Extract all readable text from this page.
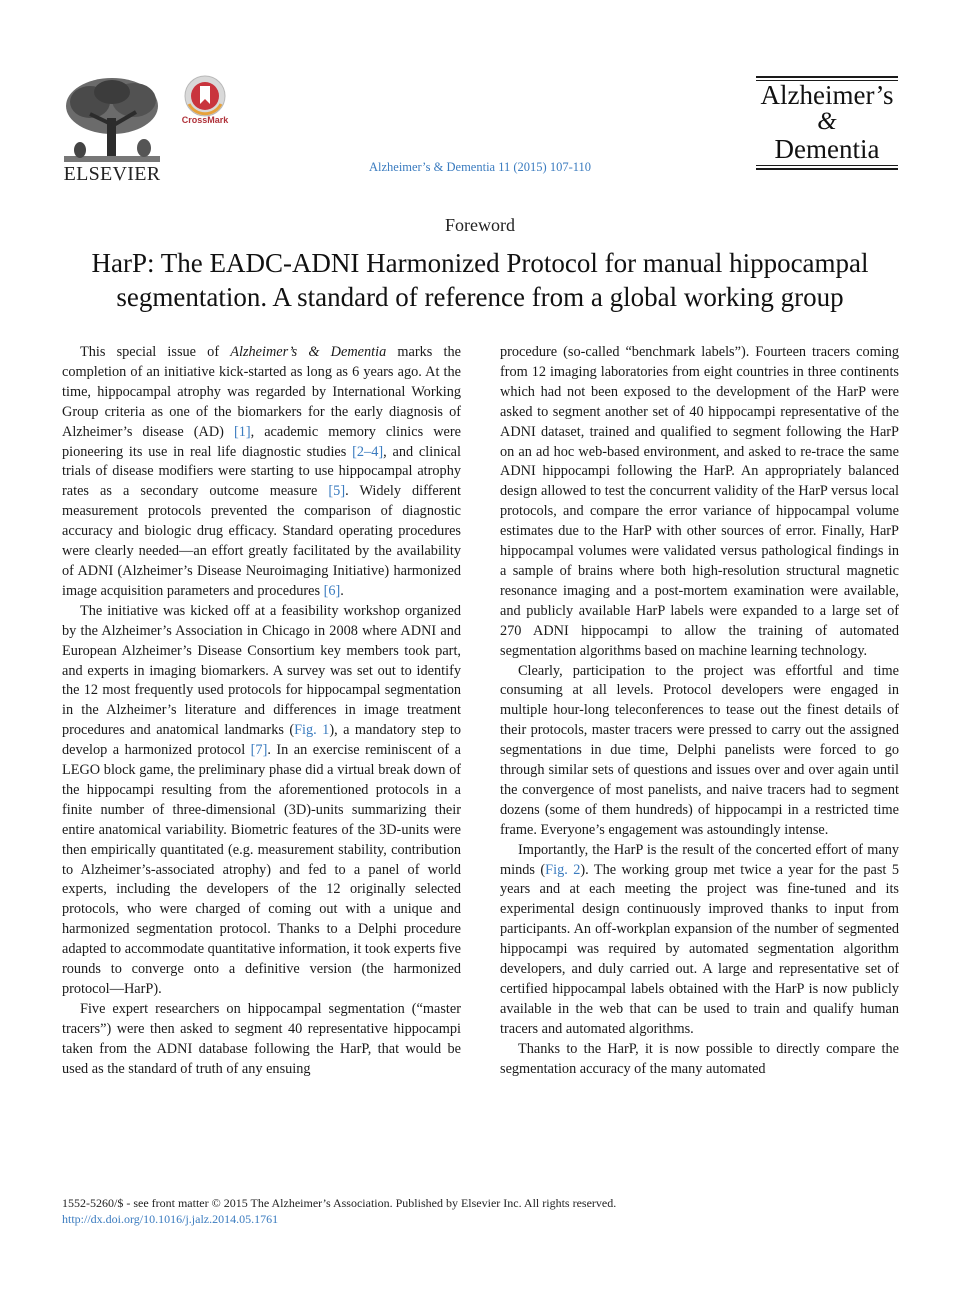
ELSEVIER
CrossMark
Alzheimer’s & Dementia 11 (2015) 107-110
Alzheimer’s
&
Dementia
Foreword
HarP: The EADC-ADNI Harmonized Protocol for manual hippocampal segmentation. A standard of reference from a global working group

This special issue of Alzheimer’s & Dementia marks the completion of an initiative kick-started as long as 6 years ago. At the time, hippocampal atrophy was regarded by International Working Group criteria as one of the biomarkers for the early diagnosis of Alzheimer’s disease (AD) [1], academic memory clinics were pioneering its use in real life diagnostic studies [2–4], and clinical trials of disease modifiers were starting to use hippocampal atrophy rates as a secondary outcome measure [5]. Widely different measurement protocols prevented the comparison of diagnostic accuracy and biologic drug efficacy. Standard operating procedures were clearly needed—an effort greatly facilitated by the availability of ADNI (Alzheimer’s Disease Neuroimaging Initiative) harmonized image acquisition parameters and procedures [6].

The initiative was kicked off at a feasibility workshop organized by the Alzheimer’s Association in Chicago in 2008 where ADNI and European Alzheimer’s Disease Consortium key members took part, and experts in imaging biomarkers. A survey was set out to identify the 12 most frequently used protocols for hippocampal segmentation in the Alzheimer’s literature and differences in image treatment procedures and anatomical landmarks (Fig. 1), a mandatory step to develop a harmonized protocol [7]. In an exercise reminiscent of a LEGO block game, the preliminary phase did a virtual break down of the hippocampi resulting from the aforementioned protocols in a finite number of three-dimensional (3D)-units summarizing their entire anatomical variability. Biometric features of the 3D-units were then empirically quantitated (e.g. measurement stability, contribution to Alzheimer’s-associated atrophy) and fed to a panel of world experts, including the developers of the 12 originally selected protocols, who were charged of coming out with a unique and harmonized segmentation protocol. Thanks to a Delphi procedure adapted to accommodate quantitative information, it took experts five rounds to converge onto a definitive version (the harmonized protocol—HarP).

Five expert researchers on hippocampal segmentation (“master tracers”) were then asked to segment 40 representative hippocampi taken from the ADNI database following the HarP, that would be used as the standard of truth of any ensuing

procedure (so-called “benchmark labels”). Fourteen tracers coming from 12 imaging laboratories from eight countries in three continents which had not been exposed to the development of the HarP were asked to segment another set of 40 hippocampi representative of the ADNI dataset, trained and qualified to segment following the HarP on an ad hoc web-based environment, and asked to re-trace the same ADNI hippocampi following the HarP. An appropriately balanced design allowed to test the concurrent validity of the HarP versus local protocols, and compare the error variance of hippocampal volume estimates due to the HarP with other sources of error. Finally, HarP hippocampal volumes were validated versus pathological findings in a sample of brains where both high-resolution structural magnetic resonance imaging and a post-mortem examination were available, and publicly available HarP labels were expanded to a large set of 270 ADNI hippocampi to allow the training of automated segmentation algorithms based on machine learning technology.

Clearly, participation to the project was effortful and time consuming at all levels. Protocol developers were engaged in multiple hour-long teleconferences to tease out the finest details of their protocols, master tracers were pressed to carry out the assigned segmentations in due time, Delphi panelists were forced to go through similar sets of questions and issues over and over again until the convergence of most panelists, and naive tracers had to segment dozens (some of them hundreds) of hippocampi in a restricted time frame. Everyone’s engagement was astoundingly intense.

Importantly, the HarP is the result of the concerted effort of many minds (Fig. 2). The working group met twice a year for the past 5 years and at each meeting the project was fine-tuned and its experimental design continuously improved thanks to input from participants. An off-workplan expansion of the number of segmented hippocampi was required by automated segmentation algorithm developers, and duly carried out. A large and representative set of certified hippocampal labels obtained with the HarP is now publicly available in the web that can be used to train and qualify human tracers and automated algorithms.

Thanks to the HarP, it is now possible to directly compare the segmentation accuracy of the many automated

1552-5260/$ - see front matter © 2015 The Alzheimer’s Association. Published by Elsevier Inc. All rights reserved.
http://dx.doi.org/10.1016/j.jalz.2014.05.1761
